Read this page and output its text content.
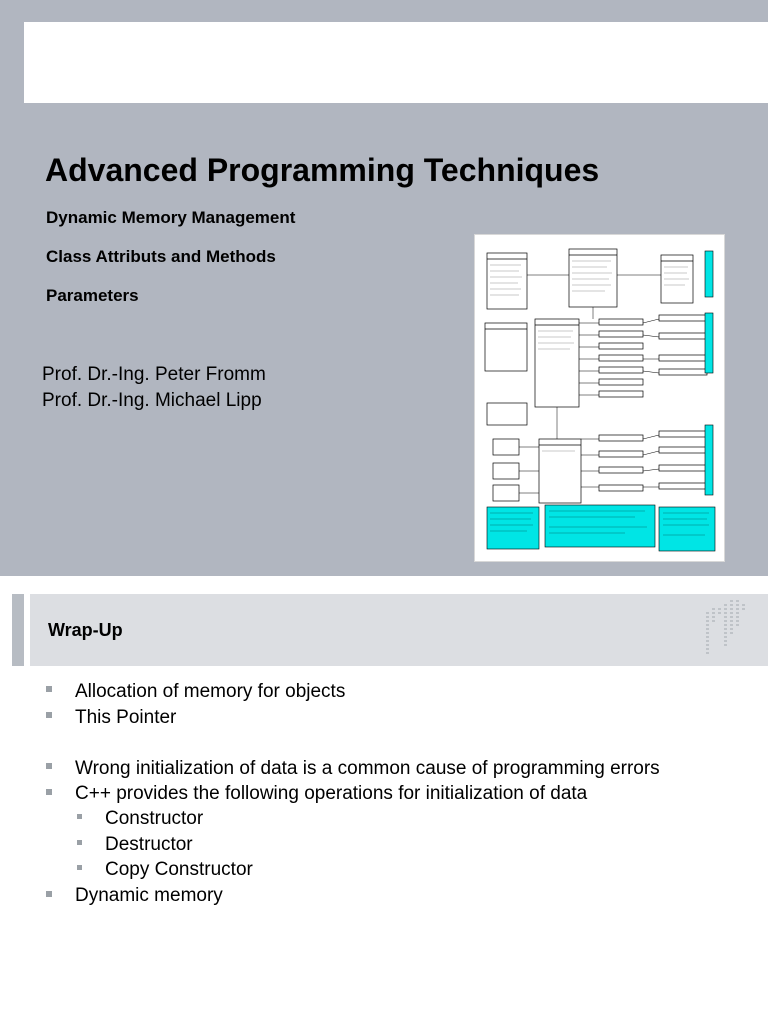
Advanced Programming Techniques
Dynamic Memory Management
Class Attributs and Methods
Parameters
Prof. Dr.-Ing. Peter Fromm
Prof. Dr.-Ing. Michael Lipp
Wrap-Up
Allocation of memory for objects
This Pointer
Wrong initialization of data is a common cause of programming errors
C++ provides the following operations for initialization of data
Constructor
Destructor
Copy Constructor
Dynamic memory
